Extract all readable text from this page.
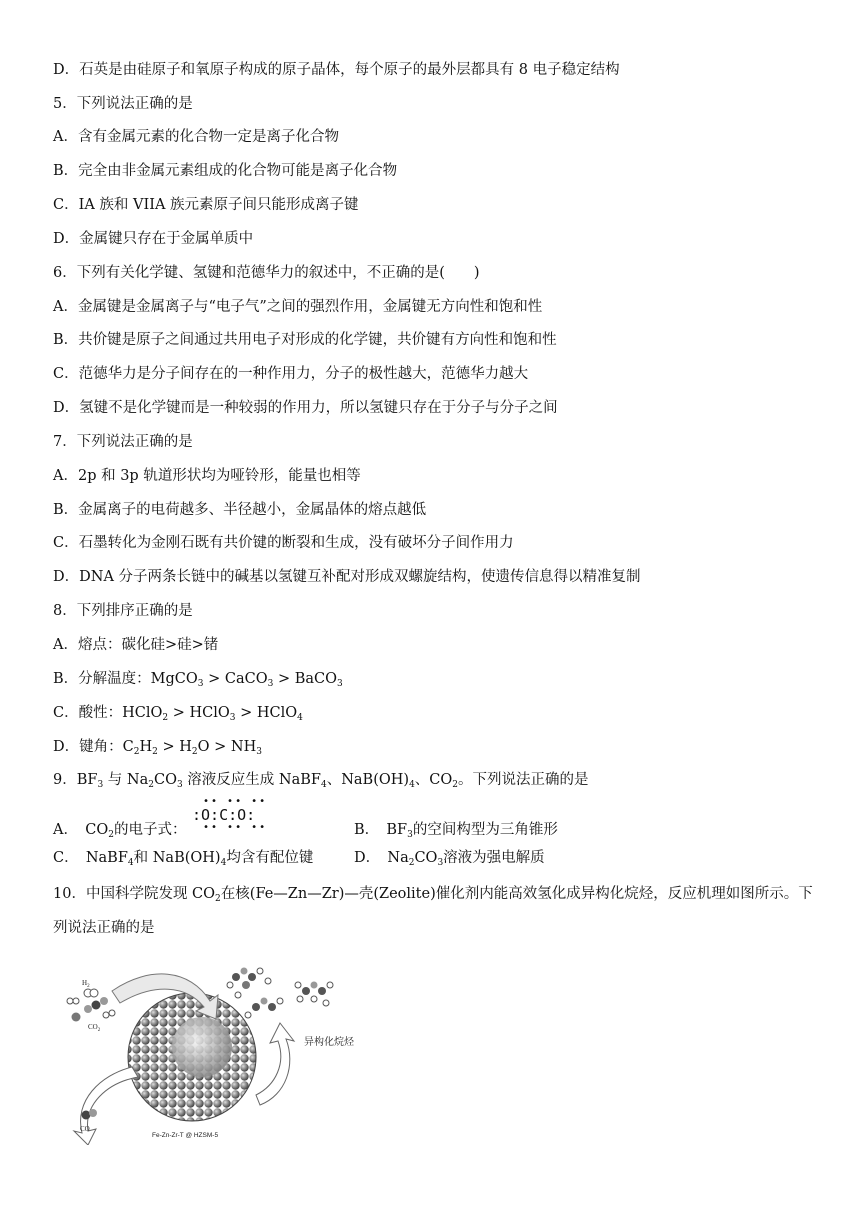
D．石英是由硅原子和氧原子构成的原子晶体，每个原子的最外层都具有 8 电子稳定结构
5．下列说法正确的是
A．含有金属元素的化合物一定是离子化合物
B．完全由非金属元素组成的化合物可能是离子化合物
C．IA 族和 VIIA 族元素原子间只能形成离子键
D．金属键只存在于金属单质中
6．下列有关化学键、氢键和范德华力的叙述中，不正确的是(　　)
A．金属键是金属离子与“电子气”之间的强烈作用，金属键无方向性和饱和性
B．共价键是原子之间通过共用电子对形成的化学键，共价键有方向性和饱和性
C．范德华力是分子间存在的一种作用力，分子的极性越大，范德华力越大
D．氢键不是化学键而是一种较弱的作用力，所以氢键只存在于分子与分子之间
7．下列说法正确的是
A．2p 和 3p 轨道形状均为哑铃形，能量也相等
B．金属离子的电荷越多、半径越小，金属晶体的熔点越低
C．石墨转化为金刚石既有共价键的断裂和生成，没有破坏分子间作用力
D．DNA 分子两条长链中的碱基以氢键互补配对形成双螺旋结构，使遗传信息得以精准复制
8．下列排序正确的是
A．熔点：碳化硅>硅>锗
B．分解温度：MgCO$_3$ > CaCO$_3$ > BaCO$_3$
C．酸性：HClO$_2$ > HClO$_3$ > HClO$_4$
D．键角：$C_2H_2 > H_2O > NH_3$
9．$BF_3$ 与 $Na_2CO_3$ 溶液反应生成 NaBF$_4$、$NaB(OH)_4$、$CO_2$。下列说法正确的是
A．　$CO_2$的电子式：
•• •• ••
:O:C:O:
•• •• ••	B．　$BF_3$的空间构型为三角锥形
C．　NaBF$_4$和 $NaB(OH)_4$均含有配位键	D．　$Na_2CO_3$溶液为强电解质
10．中国科学院发现 $CO_2$在核(Fe—Zn—Zr)—壳(Zeolite)催化剂内能高效氢化成异构化烷烃，反应机理如图所示。下
列说法正确的是
$H_2$
$CO_2$
CO
异构化烷烃
Fe-Zn-Zr-T @ HZSM-5
